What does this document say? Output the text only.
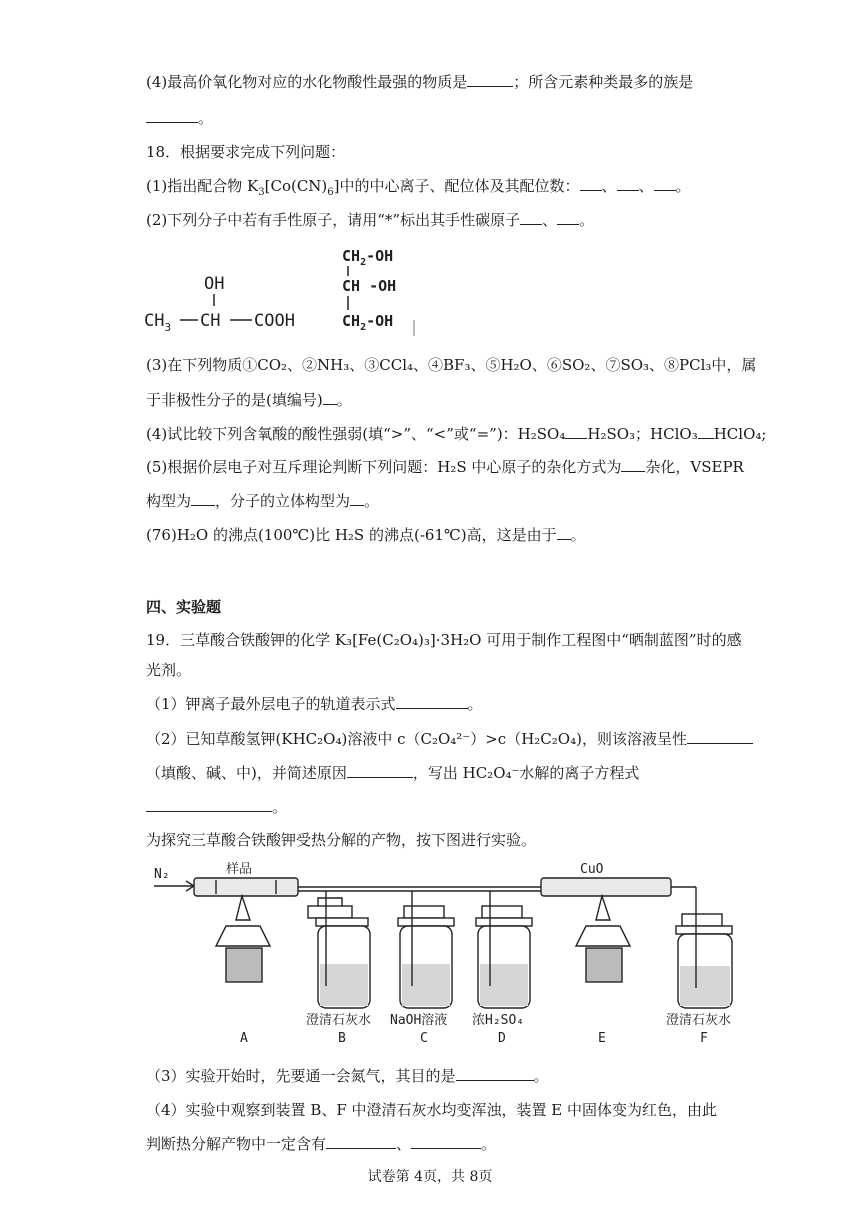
(4)最高价氧化物对应的水化物酸性最强的物质是	；所含元素种类最多的族是
。
18．根据要求完成下列问题：
(1)指出配合物 $K_3[Co(CN)_6]$中的中心离子、配位体及其配位数： 、 、 。
(2)下列分子中若有手性原子，请用“*”标出其手性碳原子 、 。
OH
$CH_3$ CH COOH
$CH_2-OH$
CH -OH
$CH_2-OH$
(3)在下列物质①CO₂、②NH₃、③CCl₄、④BF₃、⑤H₂O、⑥SO₂、⑦SO₃、⑧PCl₃中，属
于非极性分子的是(填编号) 。
(4)试比较下列含氧酸的酸性强弱(填“>”、“<”或“=”)：H₂SO₄ H₂SO₃；HClO₃ HClO₄;
(5)根据价层电子对互斥理论判断下列问题：H₂S 中心原子的杂化方式为 杂化，VSEPR
构型为 ，分子的立体构型为 。
(76)H₂O 的沸点(100℃)比 H₂S 的沸点(-61℃)高，这是由于 。
四、实验题
19．三草酸合铁酸钾的化学 K₃[Fe(C₂O₄)₃]·3H₂O 可用于制作工程图中“晒制蓝图”时的感
光剂。
（1）钾离子最外层电子的轨道表示式	。
（2）已知草酸氢钾(KHC₂O₄)溶液中 c（C₂O₄²⁻）>c（H₂C₂O₄)，则该溶液呈性
（填酸、碱、中)，并简述原因	，写出 HC₂O₄⁻水解的离子方程式
。
为探究三草酸合铁酸钾受热分解的产物，按下图进行实验。
N₂	样品	CuO
澄清石灰水 NaOH溶液 浓H₂SO₄	澄清石灰水
A	B	C	D	E	F
（3）实验开始时，先要通一会氮气，其目的是	。
（4）实验中观察到装置 B、F 中澄清石灰水均变浑浊，装置 E 中固体变为红色，由此
判断热分解产物中一定含有	、	。
试卷第 4页，共 8页
